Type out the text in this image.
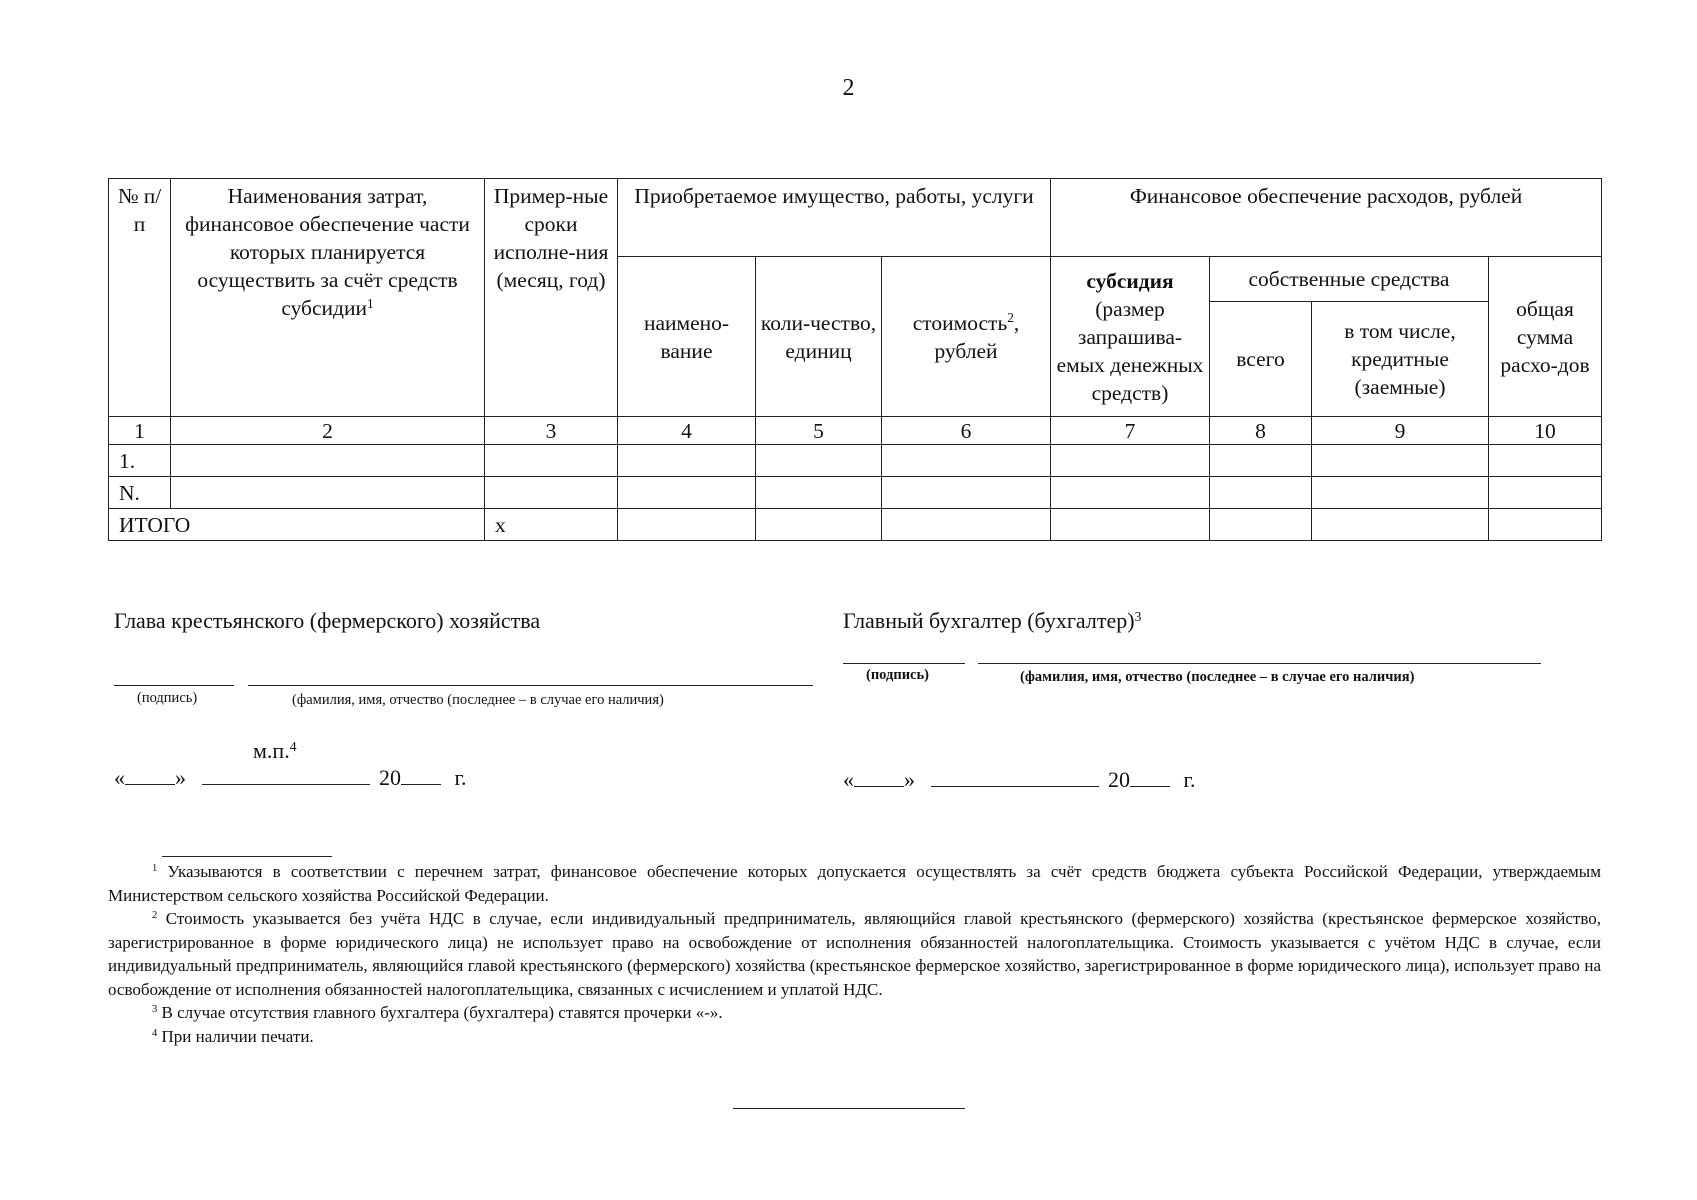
2
№ п/п	Наименования затрат, финансовое обеспечение части которых планируется осуществить за счёт средств субсидии$^1$	Пример-ные сроки исполне-ния (месяц, год)	Приобретаемое имущество, работы, услуги			Финансовое обеспечение расходов, рублей			
			наимено-вание	коли-чество, единиц	стоимость$^2$, рублей	субсидия (размер запрашива-емых денежных средств)	собственные средства		общая сумма расхо-дов
							всего	в том числе, кредитные (заемные)	
1	2	3	4	5	6	7	8	9	10
1.									
N.									
ИТОГО		х							
Глава крестьянского (фермерского) хозяйства
(подпись)	(фамилия, имя, отчество (последнее – в случае его наличия)
м.п.$^4$
« »	20 г.
Главный бухгалтер (бухгалтер)$^3$
(подпись)	(фамилия, имя, отчество (последнее – в случае его наличия)
« »	20 г.

$^1$ Указываются в соответствии с перечнем затрат, финансовое обеспечение которых допускается осуществлять за счёт средств бюджета субъекта Российской Федерации, утверждаемым Министерством сельского хозяйства Российской Федерации.

$^2$ Стоимость указывается без учёта НДС в случае, если индивидуальный предприниматель, являющийся главой крестьянского (фермерского) хозяйства (крестьянское фермерское хозяйство, зарегистрированное в форме юридического лица) не использует право на освобождение от исполнения обязанностей налогоплательщика. Стоимость указывается с учётом НДС в случае, если индивидуальный предприниматель, являющийся главой крестьянского (фермерского) хозяйства (крестьянское фермерское хозяйство, зарегистрированное в форме юридического лица), использует право на освобождение от исполнения обязанностей налогоплательщика, связанных с исчислением и уплатой НДС.

$^3$ В случае отсутствия главного бухгалтера (бухгалтера) ставятся прочерки «-».

$^4$ При наличии печати.
